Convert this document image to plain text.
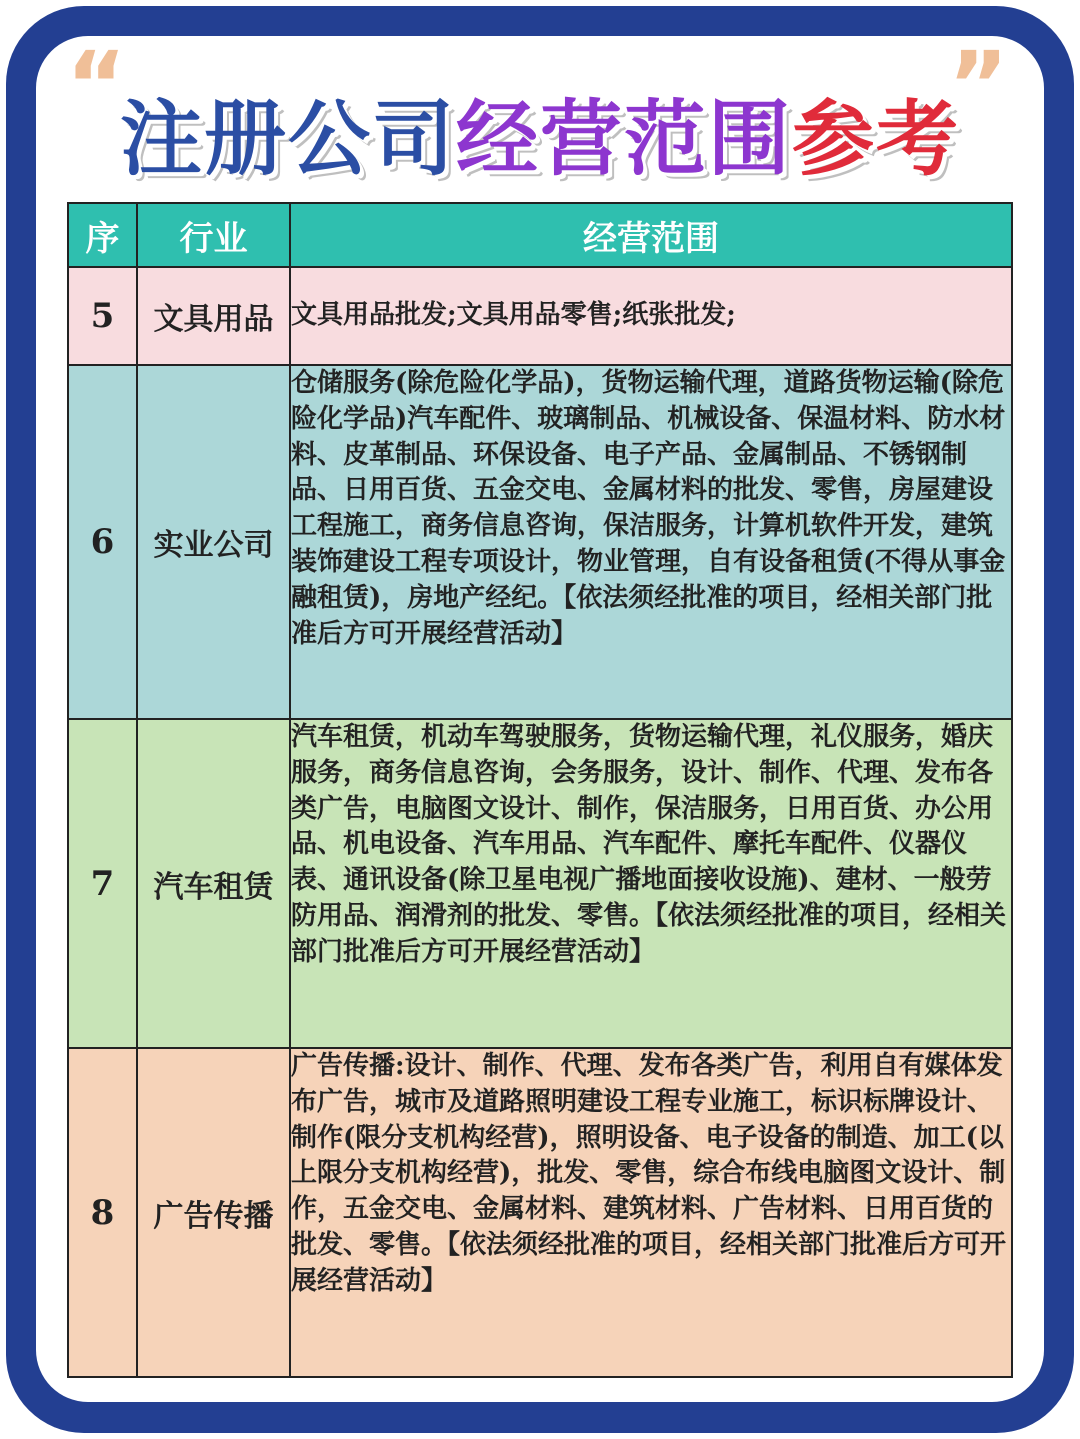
“	”
注册公司 经营范围 参考
序	行业	经营范围
5	文具用品	文具用品批发;文具用品零售;纸张批发;
6	实业公司	仓储服务(除危险化学品)，货物运输代理，道路货物运输(除危险化学品)汽车配件、玻璃制品、机械设备、保温材料、防水材料、皮革制品、环保设备、电子产品、金属制品、不锈钢制品、日用百货、五金交电、金属材料的批发、零售，房屋建设工程施工，商务信息咨询，保洁服务，计算机软件开发，建筑装饰建设工程专项设计，物业管理，自有设备租赁(不得从事金融租赁)，房地产经纪。【依法须经批准的项目，经相关部门批准后方可开展经营活动】
7	汽车租赁	汽车租赁，机动车驾驶服务，货物运输代理，礼仪服务，婚庆服务，商务信息咨询，会务服务，设计、制作、代理、发布各类广告，电脑图文设计、制作，保洁服务，日用百货、办公用品、机电设备、汽车用品、汽车配件、摩托车配件、仪器仪表、通讯设备(除卫星电视广播地面接收设施)、建材、一般劳防用品、润滑剂的批发、零售。【依法须经批准的项目，经相关部门批准后方可开展经营活动】
8	广告传播	广告传播:设计、制作、代理、发布各类广告，利用自有媒体发布广告，城市及道路照明建设工程专业施工，标识标牌设计、制作(限分支机构经营)，照明设备、电子设备的制造、加工(以上限分支机构经营)，批发、零售，综合布线电脑图文设计、制作，五金交电、金属材料、建筑材料、广告材料、日用百货的批发、零售。【依法须经批准的项目，经相关部门批准后方可开展经营活动】
